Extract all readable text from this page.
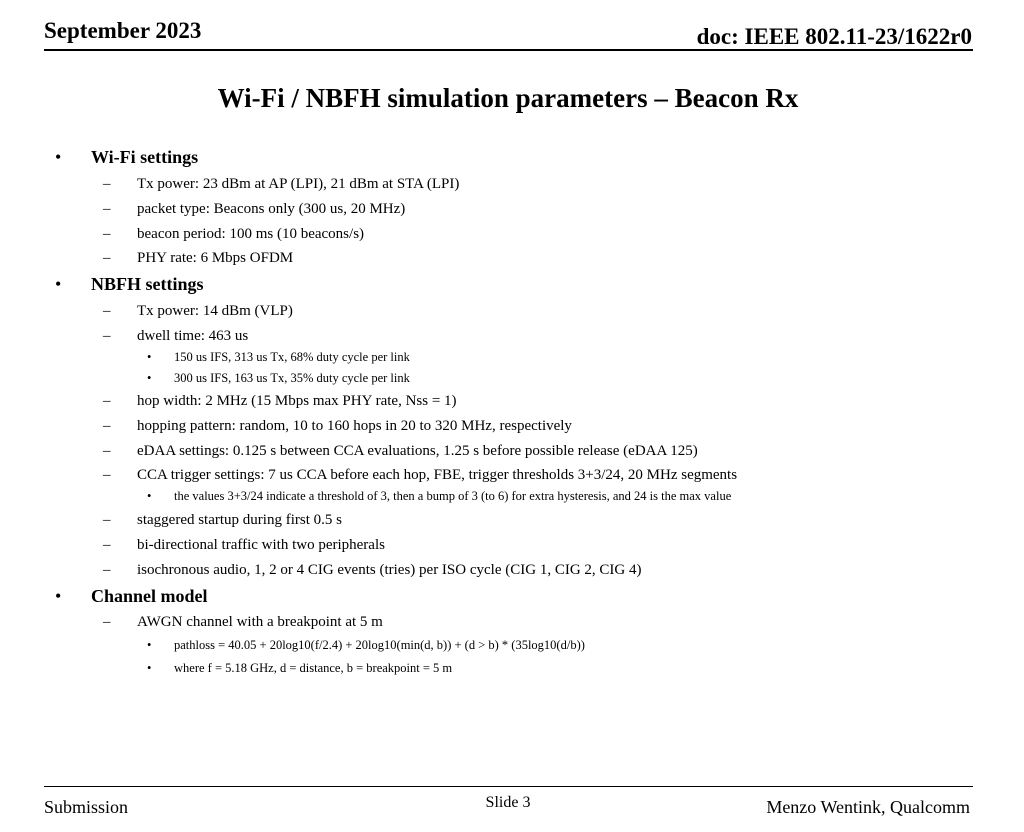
September 2023	doc: IEEE 802.11-23/1622r0
Wi-Fi / NBFH simulation parameters – Beacon Rx
• Wi-Fi settings
– Tx power: 23 dBm at AP (LPI), 21 dBm at STA (LPI)
– packet type: Beacons only (300 us, 20 MHz)
– beacon period: 100 ms (10 beacons/s)
– PHY rate: 6 Mbps OFDM
• NBFH settings
– Tx power: 14 dBm (VLP)
– dwell time: 463 us
• 150 us IFS, 313 us Tx, 68% duty cycle per link
• 300 us IFS, 163 us Tx, 35% duty cycle per link
– hop width: 2 MHz (15 Mbps max PHY rate, Nss = 1)
– hopping pattern: random, 10 to 160 hops in 20 to 320 MHz, respectively
– eDAA settings: 0.125 s between CCA evaluations, 1.25 s before possible release (eDAA 125)
– CCA trigger settings: 7 us CCA before each hop, FBE, trigger thresholds 3+3/24, 20 MHz segments
• the values 3+3/24 indicate a threshold of 3, then a bump of 3 (to 6) for extra hysteresis, and 24 is the max value
– staggered startup during first 0.5 s
– bi-directional traffic with two peripherals
– isochronous audio, 1, 2 or 4 CIG events (tries) per ISO cycle (CIG 1, CIG 2, CIG 4)
• Channel model
– AWGN channel with a breakpoint at 5 m
• pathloss = 40.05 + 20log10(f/2.4) + 20log10(min(d, b)) + (d > b) * (35log10(d/b))
• where f = 5.18 GHz, d = distance, b = breakpoint = 5 m
Submission	Slide 3	Menzo Wentink, Qualcomm
